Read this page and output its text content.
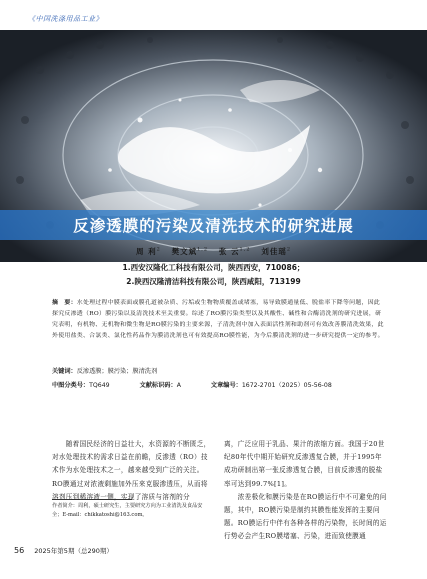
《中国洗涤用品工业》
反渗透膜的污染及清洗技术的研究进展
周 利$^2$ 樊文斌$^{1,2}$ 张 云$^{1,2}$ 刘佳瑶$^2$
1.西安汉隆化工科技有限公司，陕西西安，710086；
2.陕西汉隆清洁科技有限公司，陕西咸阳，713199
摘　要：水处理过程中膜表面或膜孔道被杂质、污垢或生物物质覆盖或堵塞，易导致膜通量低、脱盐率下降等问题，因此探究反渗透（RO）膜污染以及清洗技术至关重要。综述了RO膜污染类型以及其酸性、碱性和合酶清洗剂的研究进展，研究表明，有机物、无机物和微生物是RO膜污染的主要来源，子清洗剂中加入表面活性剂和助剂可有效改善膜清洗效果，此外使用盐类、合氯类、氯化性药品作为膜清洗剂也可有效提高RO膜性能，为今后膜清洗剂的进一步研究提供一定的参考。
关键词：反渗透膜；膜污染；膜清洗剂
中图分类号：TQ649	文献标识码：A	文章编号：1672-2701（2025）05-56-08
　　随着国民经济的日益壮大，水资源的不断匮乏，对水处理技术的需求日益在前瞻，反渗透（RO）技术作为水处理技术之一，越来越受到广泛的关注。RO膜通过对浓液剩施加外压来克服渗透压，从而将溶剂压到稀溶液一侧，实现了溶质与溶剂的分
离，广泛应用于乳品、果汁的浓缩方面。我国于20世纪80年代中期开始研究反渗透复合膜，并于1995年成功研制出第一张反渗透复合膜，目前反渗透的脱盐率可达到99.7%[1]。
　　浓差极化和膜污染是在RO膜运行中不可避免的问题，其中，RO膜污染是制约其膜性能发挥的主要问题。RO膜运行中伴有各种各样的污染物，长时间的运行势必会产生RO膜堵塞、污染，进而致使膜通
作者简介：周利，硕士研究生，主要研究方向为工业清洗及食品安全；E-mail：chikkatoshi@163.com。
56 2025年第5期（总290期）
